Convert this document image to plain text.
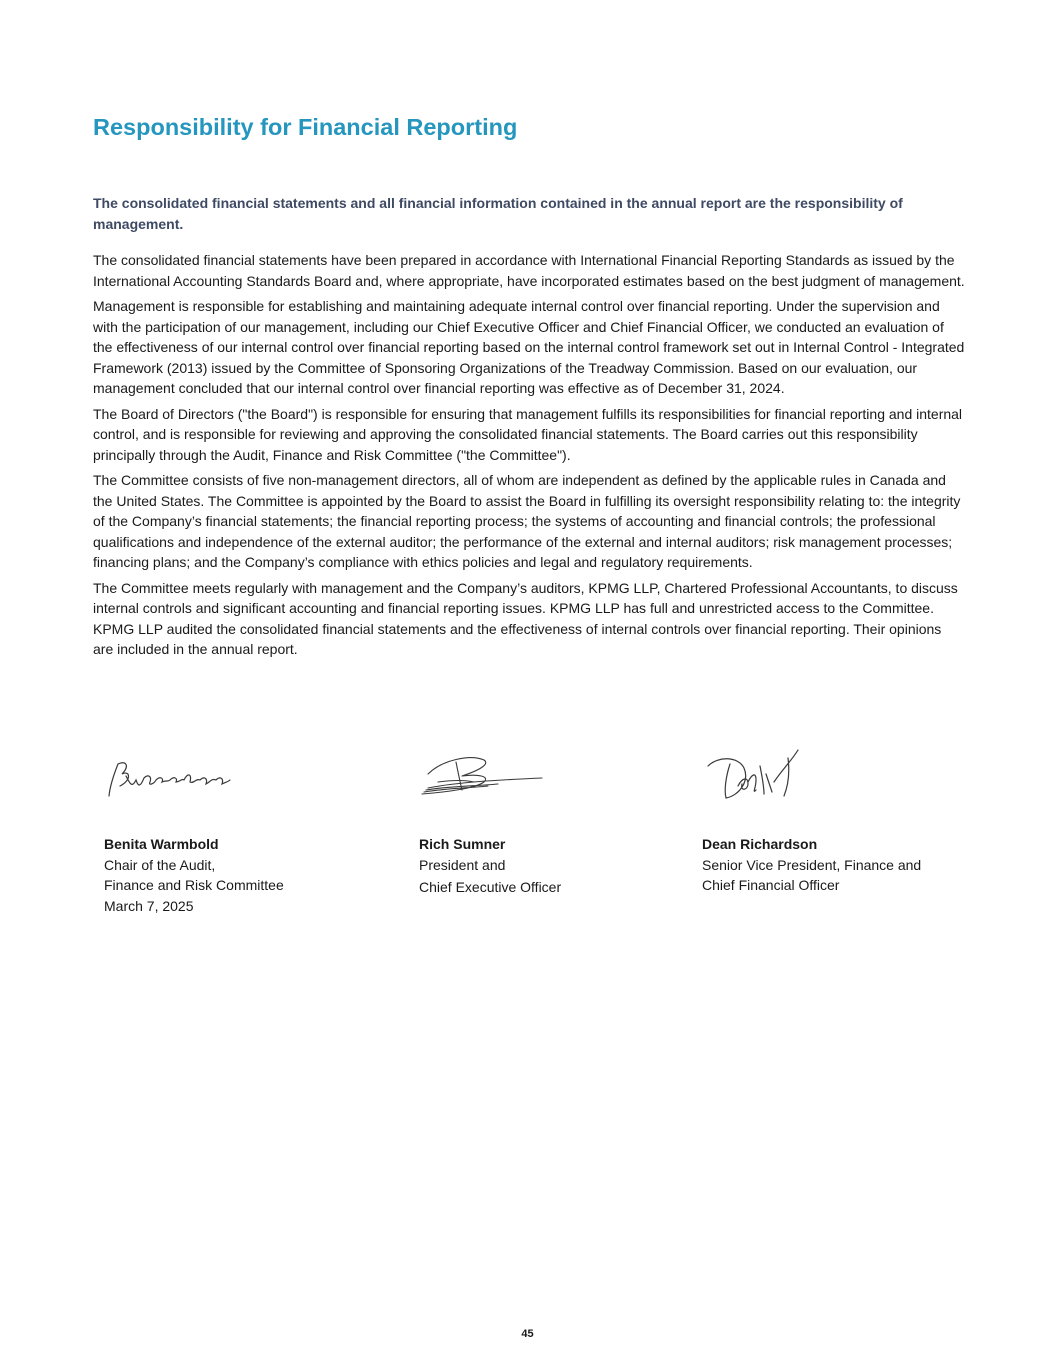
Responsibility for Financial Reporting

The consolidated financial statements and all financial information contained in the annual report are the responsibility of management.

The consolidated financial statements have been prepared in accordance with International Financial Reporting Standards as issued by the International Accounting Standards Board and, where appropriate, have incorporated estimates based on the best judgment of management.

Management is responsible for establishing and maintaining adequate internal control over financial reporting. Under the supervision and with the participation of our management, including our Chief Executive Officer and Chief Financial Officer, we conducted an evaluation of the effectiveness of our internal control over financial reporting based on the internal control framework set out in Internal Control - Integrated Framework (2013) issued by the Committee of Sponsoring Organizations of the Treadway Commission. Based on our evaluation, our management concluded that our internal control over financial reporting was effective as of December 31, 2024.

The Board of Directors ("the Board") is responsible for ensuring that management fulfills its responsibilities for financial reporting and internal control, and is responsible for reviewing and approving the consolidated financial statements. The Board carries out this responsibility principally through the Audit, Finance and Risk Committee ("the Committee").

The Committee consists of five non-management directors, all of whom are independent as defined by the applicable rules in Canada and the United States. The Committee is appointed by the Board to assist the Board in fulfilling its oversight responsibility relating to: the integrity of the Company’s financial statements; the financial reporting process; the systems of accounting and financial controls; the professional qualifications and independence of the external auditor; the performance of the external and internal auditors; risk management processes; financing plans; and the Company’s compliance with ethics policies and legal and regulatory requirements.

The Committee meets regularly with management and the Company’s auditors, KPMG LLP, Chartered Professional Accountants, to discuss internal controls and significant accounting and financial reporting issues. KPMG LLP has full and unrestricted access to the Committee. KPMG LLP audited the consolidated financial statements and the effectiveness of internal controls over financial reporting. Their opinions are included in the annual report.

Benita Warmbold
Chair of the Audit,
Finance and Risk Committee
March 7, 2025
Rich Sumner
President and
Chief Executive Officer
Dean Richardson
Senior Vice President, Finance and
Chief Financial Officer
45
